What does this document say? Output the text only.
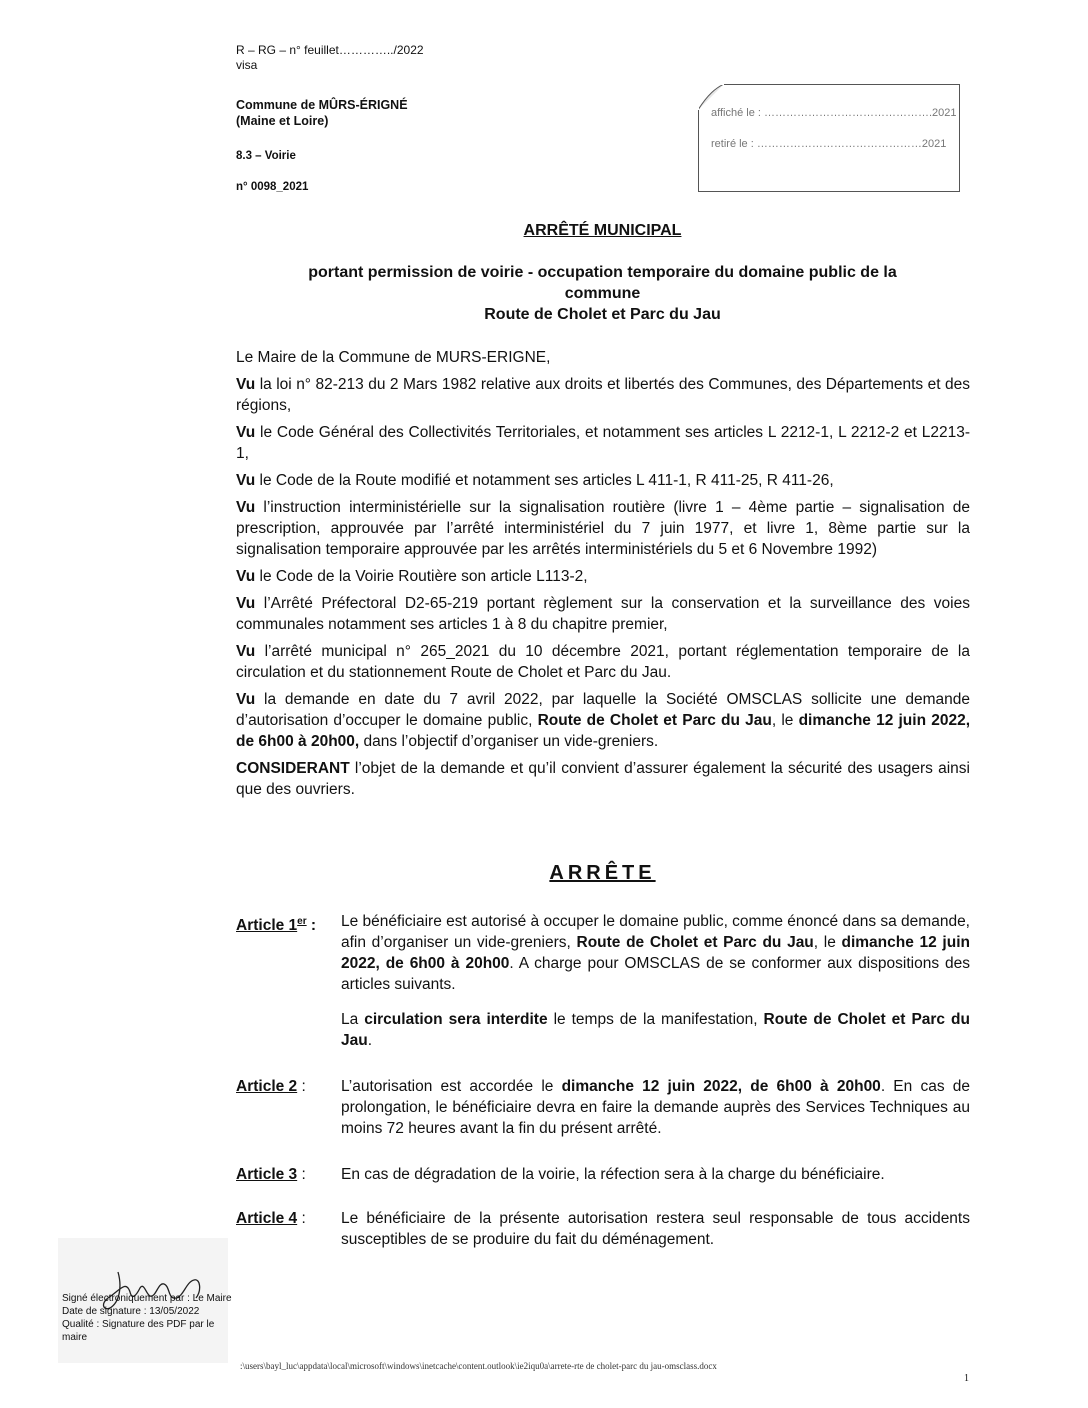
R – RG – n° feuillet…………../2022
visa
Commune de MÛRS-ÉRIGNÉ
(Maine et Loire)
8.3 – Voirie
n° 0098_2021
affiché le : ……………………………………….2021
retiré le : ………………………………………2021
ARRÊTÉ MUNICIPAL
portant permission de voirie - occupation temporaire du domaine public de la
commune
Route de Cholet et Parc du Jau

Le Maire de la Commune de MURS-ERIGNE,

Vu la loi n° 82-213 du 2 Mars 1982 relative aux droits et libertés des Communes, des Départements et des régions,

Vu le Code Général des Collectivités Territoriales, et notamment ses articles L 2212-1, L 2212-2 et L2213-1,

Vu le Code de la Route modifié et notamment ses articles L 411-1, R 411-25, R 411-26,

Vu l’instruction interministérielle sur la signalisation routière (livre 1 – 4ème partie – signalisation de prescription, approuvée par l’arrêté interministériel du 7 juin 1977, et livre 1, 8ème partie sur la signalisation temporaire approuvée par les arrêtés interministériels du 5 et 6 Novembre 1992)

Vu le Code de la Voirie Routière son article L113-2,

Vu l’Arrêté Préfectoral D2-65-219 portant règlement sur la conservation et la surveillance des voies communales notamment ses articles 1 à 8 du chapitre premier,

Vu l’arrêté municipal n° 265_2021 du 10 décembre 2021, portant réglementation temporaire de la circulation et du stationnement Route de Cholet et Parc du Jau.

Vu la demande en date du 7 avril 2022, par laquelle la Société OMSCLAS sollicite une demande d’autorisation d’occuper le domaine public, Route de Cholet et Parc du Jau, le dimanche 12 juin 2022, de 6h00 à 20h00, dans l’objectif d’organiser un vide-greniers.

CONSIDERANT l’objet de la demande et qu’il convient d’assurer également la sécurité des usagers ainsi que des ouvriers.

ARRÊTE
Article 1er : Le bénéficiaire est autorisé à occuper le domaine public, comme énoncé dans sa demande, afin d’organiser un vide-greniers, Route de Cholet et Parc du Jau, le dimanche 12 juin 2022, de 6h00 à 20h00. A charge pour OMSCLAS de se conformer aux dispositions des articles suivants.
La circulation sera interdite le temps de la manifestation, Route de Cholet et Parc du Jau.
Article 2 : L’autorisation est accordée le dimanche 12 juin 2022, de 6h00 à 20h00. En cas de prolongation, le bénéficiaire devra en faire la demande auprès des Services Techniques au moins 72 heures avant la fin du présent arrêté.
Article 3 : En cas de dégradation de la voirie, la réfection sera à la charge du bénéficiaire.
Article 4 : Le bénéficiaire de la présente autorisation restera seul responsable de tous accidents susceptibles de se produire du fait du déménagement.
Signé électroniquement par : Le Maire
Date de signature : 13/05/2022
Qualité : Signature des PDF par le maire
:\users\bayl_luc\appdata\local\microsoft\windows\inetcache\content.outlook\ie2iqu0a\arrete-rte de cholet-parc du jau-omsclass.docx
1
